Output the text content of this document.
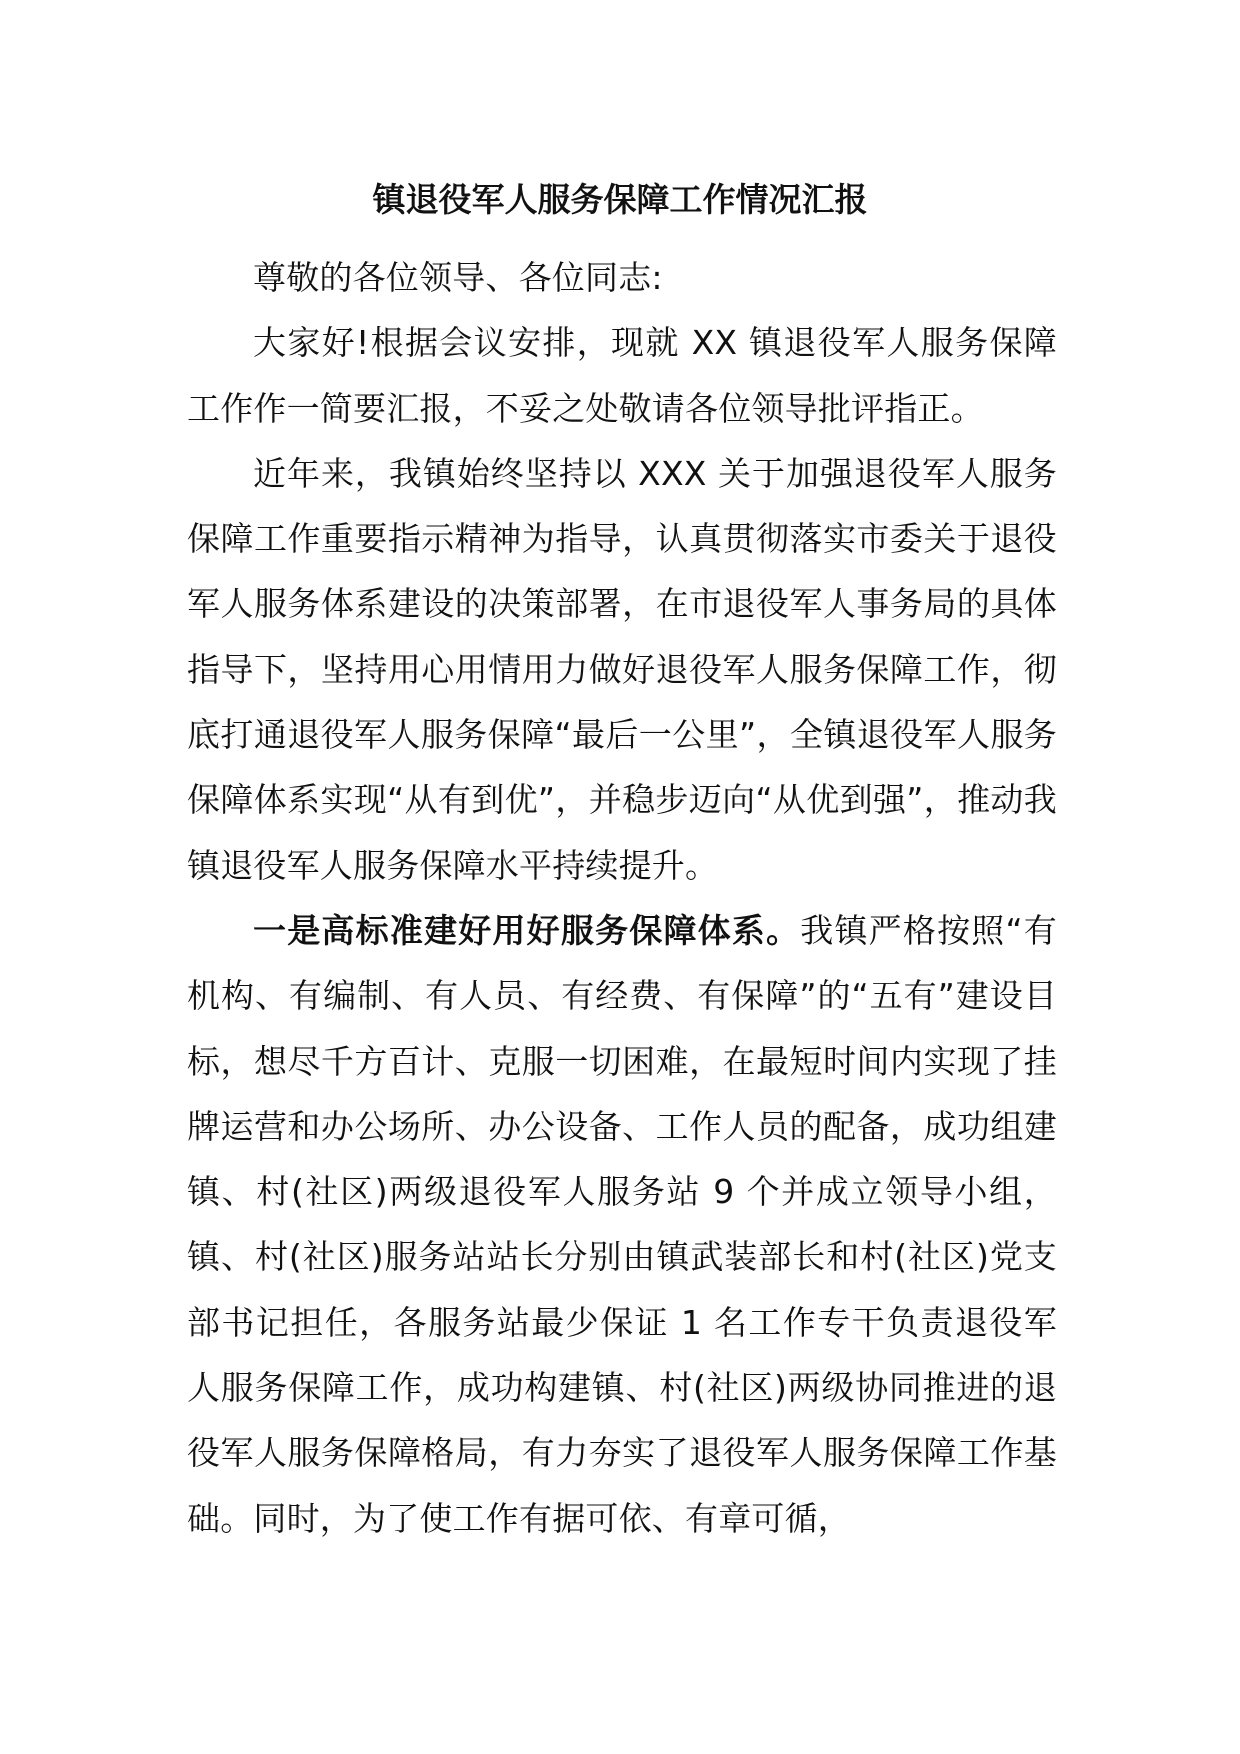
镇退役军人服务保障工作情况汇报

尊敬的各位领导、各位同志:

大家好!根据会议安排，现就 XX 镇退役军人服务保障工作作一简要汇报，不妥之处敬请各位领导批评指正。

近年来，我镇始终坚持以 XXX 关于加强退役军人服务保障工作重要指示精神为指导，认真贯彻落实市委关于退役军人服务体系建设的决策部署，在市退役军人事务局的具体指导下，坚持用心用情用力做好退役军人服务保障工作，彻底打通退役军人服务保障“最后一公里”，全镇退役军人服务保障体系实现“从有到优”，并稳步迈向“从优到强”，推动我镇退役军人服务保障水平持续提升。

一是高标准建好用好服务保障体系。我镇严格按照“有机构、有编制、有人员、有经费、有保障”的“五有”建设目标，想尽千方百计、克服一切困难，在最短时间内实现了挂牌运营和办公场所、办公设备、工作人员的配备，成功组建镇、村(社区)两级退役军人服务站 9 个并成立领导小组，镇、村(社区)服务站站长分别由镇武装部长和村(社区)党支部书记担任，各服务站最少保证 1 名工作专干负责退役军人服务保障工作，成功构建镇、村(社区)两级协同推进的退役军人服务保障格局，有力夯实了退役军人服务保障工作基础。同时，为了使工作有据可依、有章可循，
